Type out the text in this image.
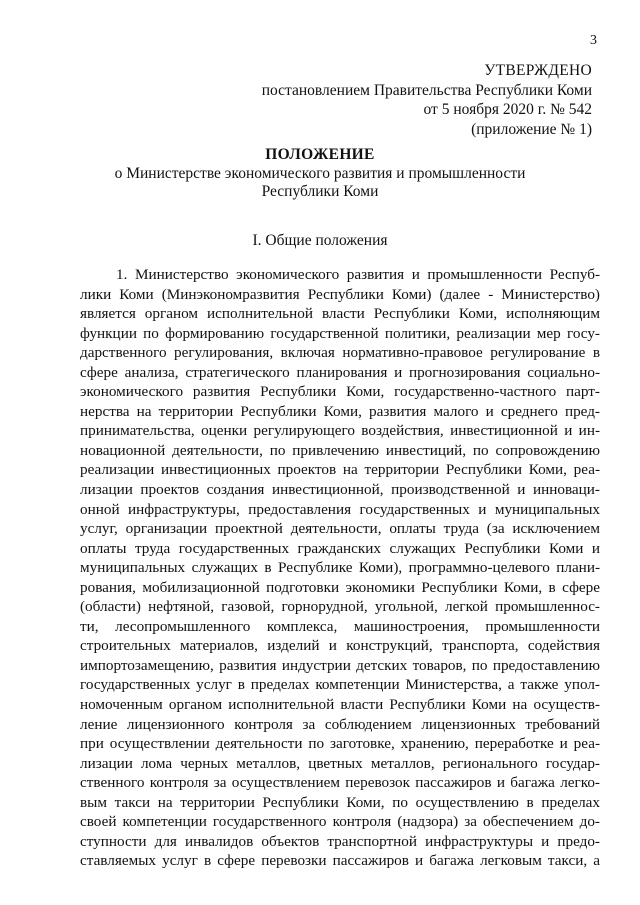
3
УТВЕРЖДЕНО
постановлением Правительства Республики Коми
от 5 ноября 2020 г. № 542
(приложение № 1)
ПОЛОЖЕНИЕ
о Министерстве экономического развития и промышленности
Республики Коми
I. Общие положения
1. Министерство экономического развития и промышленности Респуб-
лики Коми (Минэкономразвития Республики Коми) (далее - Министерство)
является органом исполнительной власти Республики Коми, исполняющим
функции по формированию государственной политики, реализации мер госу-
дарственного регулирования, включая нормативно-правовое регулирование в
сфере анализа, стратегического планирования и прогнозирования социально-
экономического развития Республики Коми, государственно-частного парт-
нерства на территории Республики Коми, развития малого и среднего пред-
принимательства, оценки регулирующего воздействия, инвестиционной и ин-
новационной деятельности, по привлечению инвестиций, по сопровождению
реализации инвестиционных проектов на территории Республики Коми, реа-
лизации проектов создания инвестиционной, производственной и инноваци-
онной инфраструктуры, предоставления государственных и муниципальных
услуг, организации проектной деятельности, оплаты труда (за исключением
оплаты труда государственных гражданских служащих Республики Коми и
муниципальных служащих в Республике Коми), программно-целевого плани-
рования, мобилизационной подготовки экономики Республики Коми, в сфере
(области) нефтяной, газовой, горнорудной, угольной, легкой промышленнос-
ти, лесопромышленного комплекса, машиностроения, промышленности
строительных материалов, изделий и конструкций, транспорта, содействия
импортозамещению, развития индустрии детских товаров, по предоставлению
государственных услуг в пределах компетенции Министерства, а также упол-
номоченным органом исполнительной власти Республики Коми на осуществ-
ление лицензионного контроля за соблюдением лицензионных требований
при осуществлении деятельности по заготовке, хранению, переработке и реа-
лизации лома черных металлов, цветных металлов, регионального государ-
ственного контроля за осуществлением перевозок пассажиров и багажа легко-
вым такси на территории Республики Коми, по осуществлению в пределах
своей компетенции государственного контроля (надзора) за обеспечением до-
ступности для инвалидов объектов транспортной инфраструктуры и предо-
ставляемых услуг в сфере перевозки пассажиров и багажа легковым такси, а
